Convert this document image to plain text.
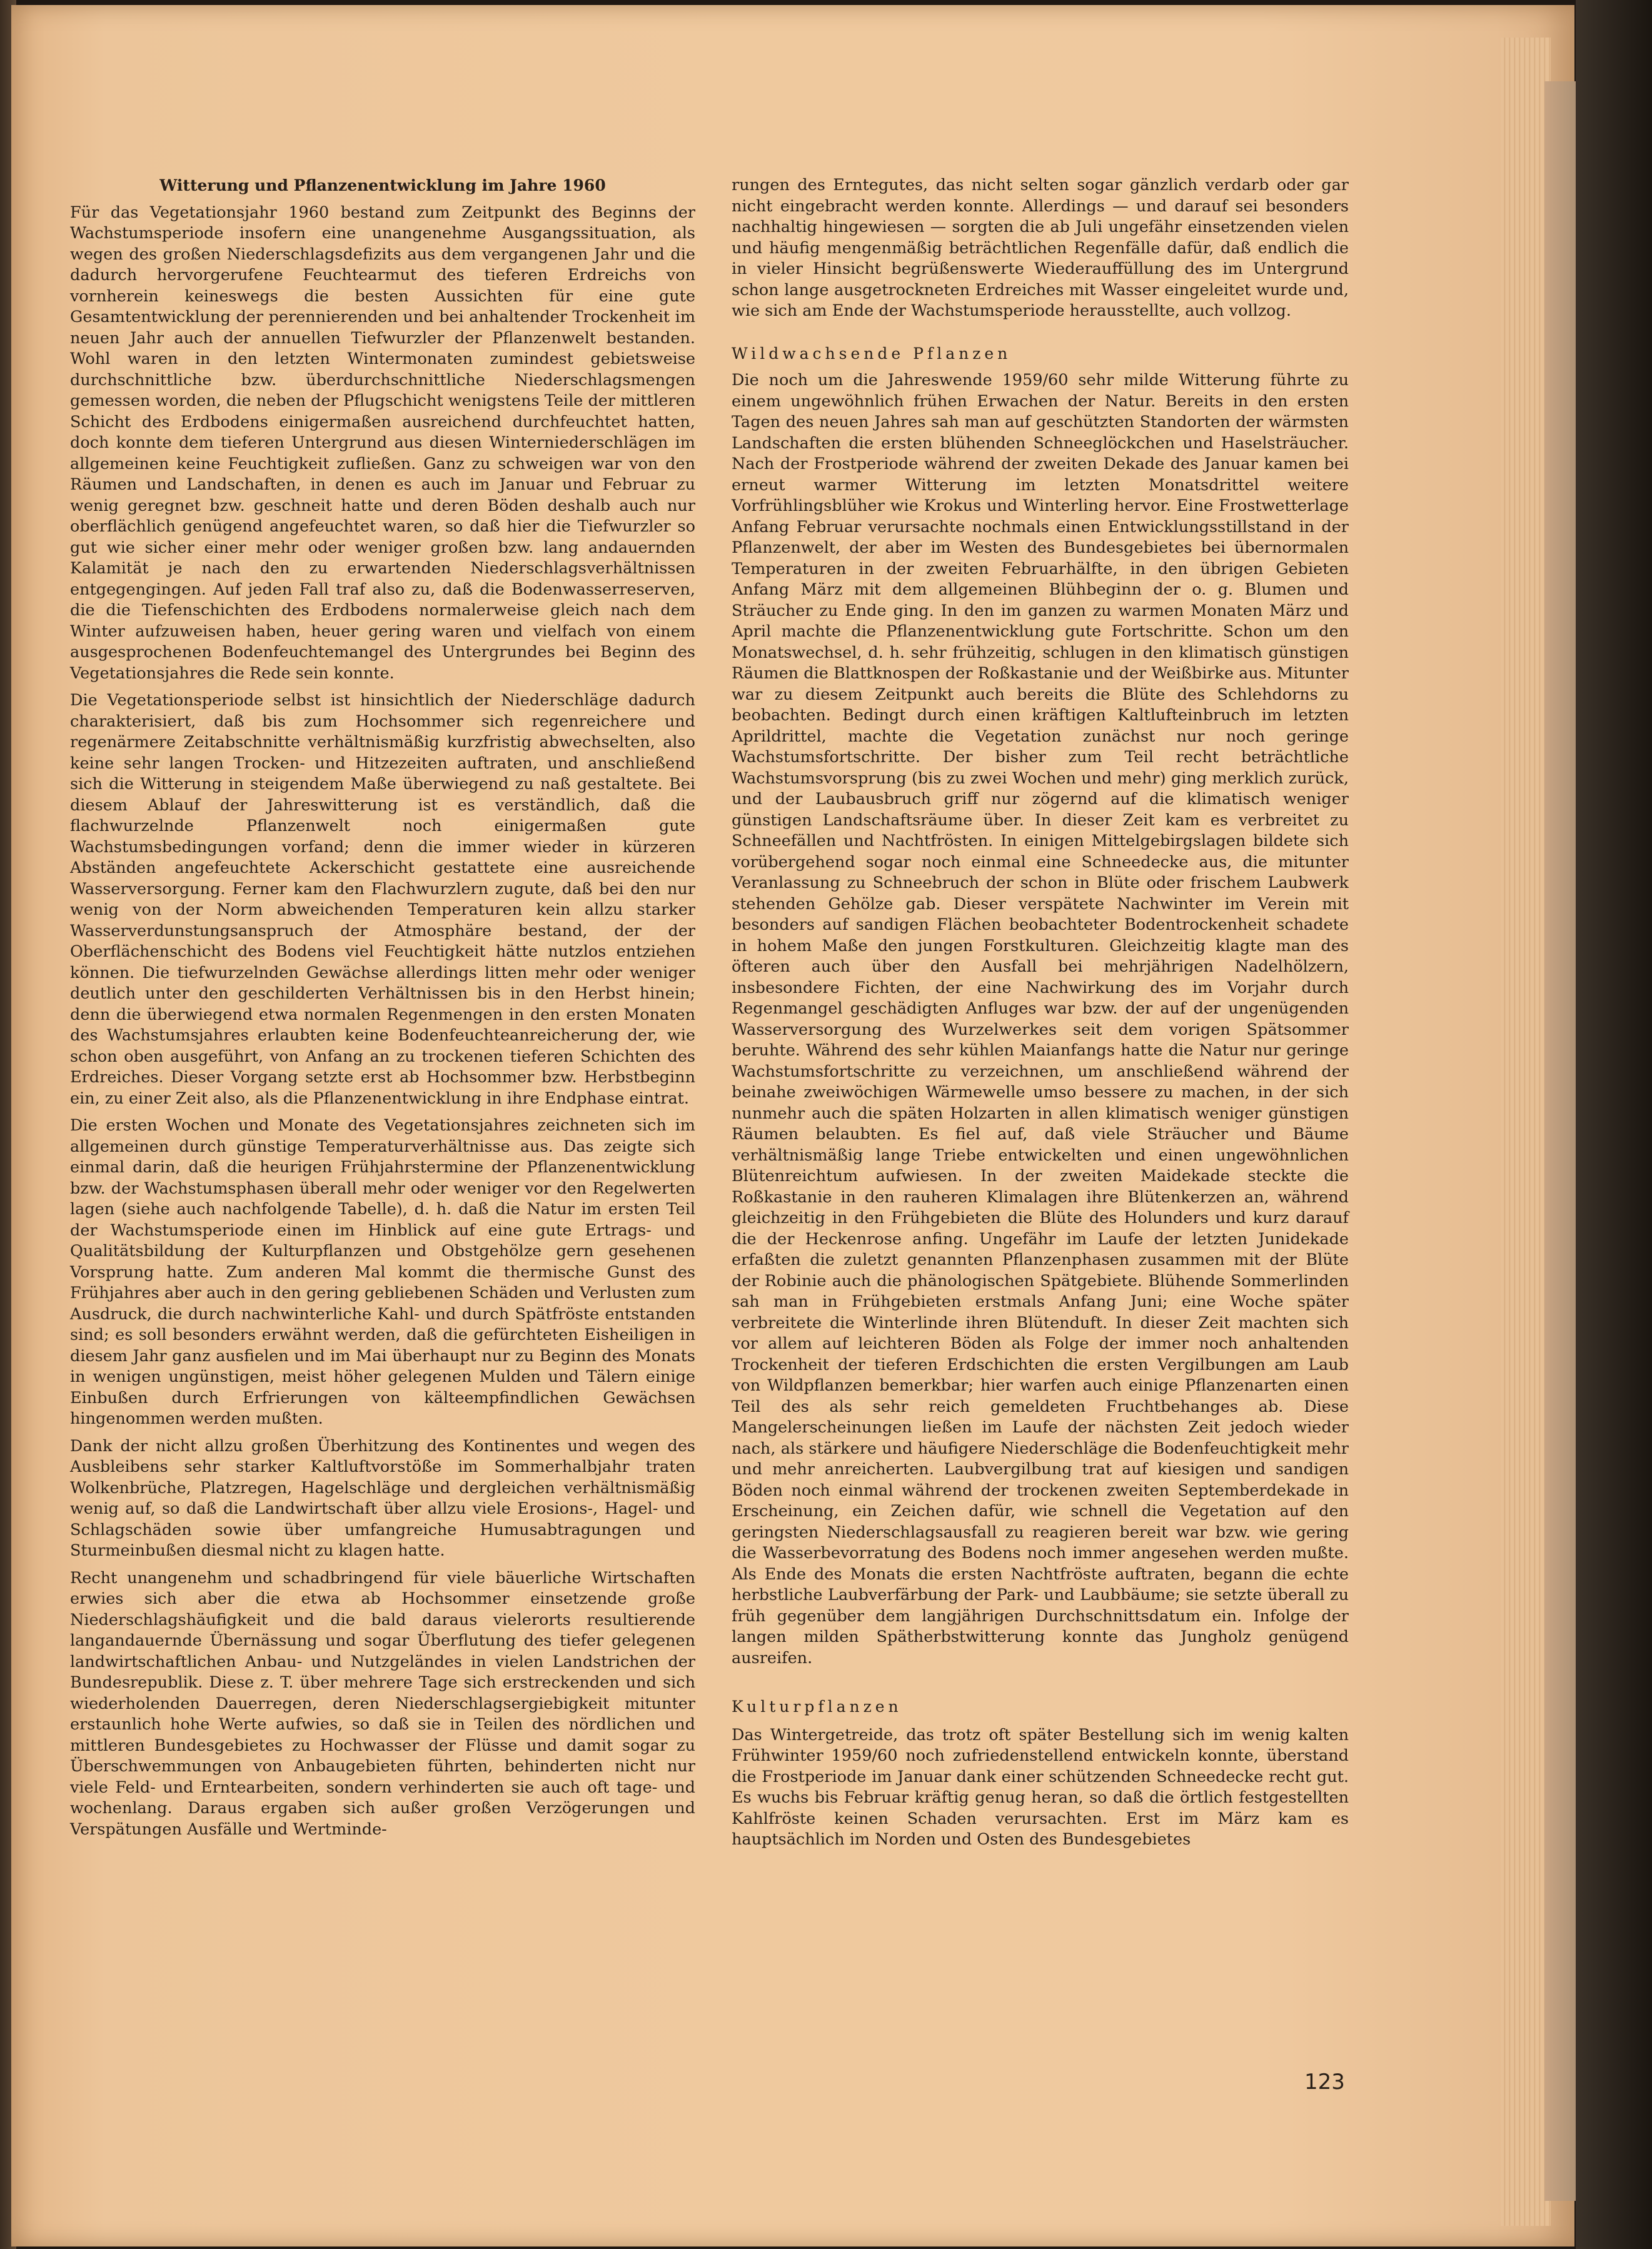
Witterung und Pflanzenentwicklung im Jahre 1960

Für das Vegetationsjahr 1960 bestand zum Zeitpunkt des Beginns der Wachstumsperiode insofern eine unangenehme Ausgangssituation, als wegen des großen Niederschlagsdefizits aus dem vergangenen Jahr und die dadurch hervorgerufene Feuchtearmut des tieferen Erdreichs von vornherein keineswegs die besten Aussichten für eine gute Gesamtentwicklung der perennierenden und bei anhaltender Trockenheit im neuen Jahr auch der annuellen Tiefwurzler der Pflanzenwelt bestanden. Wohl waren in den letzten Wintermonaten zumindest gebietsweise durchschnittliche bzw. überdurchschnittliche Niederschlagsmengen gemessen worden, die neben der Pflugschicht wenigstens Teile der mittleren Schicht des Erdbodens einigermaßen ausreichend durchfeuchtet hatten, doch konnte dem tieferen Untergrund aus diesen Winterniederschlägen im allgemeinen keine Feuchtigkeit zufließen. Ganz zu schweigen war von den Räumen und Landschaften, in denen es auch im Januar und Februar zu wenig geregnet bzw. geschneit hatte und deren Böden deshalb auch nur oberflächlich genügend angefeuchtet waren, so daß hier die Tiefwurzler so gut wie sicher einer mehr oder weniger großen bzw. lang andauernden Kalamität je nach den zu erwartenden Niederschlagsverhältnissen entgegengingen. Auf jeden Fall traf also zu, daß die Bodenwasserreserven, die die Tiefenschichten des Erdbodens normalerweise gleich nach dem Winter aufzuweisen haben, heuer gering waren und vielfach von einem ausgesprochenen Bodenfeuchtemangel des Untergrundes bei Beginn des Vegetationsjahres die Rede sein konnte.

Die Vegetationsperiode selbst ist hinsichtlich der Niederschläge dadurch charakterisiert, daß bis zum Hochsommer sich regenreichere und regenärmere Zeitabschnitte verhältnismäßig kurzfristig abwechselten, also keine sehr langen Trocken- und Hitzezeiten auftraten, und anschließend sich die Witterung in steigendem Maße überwiegend zu naß gestaltete. Bei diesem Ablauf der Jahreswitterung ist es verständlich, daß die flachwurzelnde Pflanzenwelt noch einigermaßen gute Wachstumsbedingungen vorfand; denn die immer wieder in kürzeren Abständen angefeuchtete Ackerschicht gestattete eine ausreichende Wasserversorgung. Ferner kam den Flachwurzlern zugute, daß bei den nur wenig von der Norm abweichenden Temperaturen kein allzu starker Wasserverdunstungsanspruch der Atmosphäre bestand, der der Oberflächenschicht des Bodens viel Feuchtigkeit hätte nutzlos entziehen können. Die tiefwurzelnden Gewächse allerdings litten mehr oder weniger deutlich unter den geschilderten Verhältnissen bis in den Herbst hinein; denn die überwiegend etwa normalen Regenmengen in den ersten Monaten des Wachstumsjahres erlaubten keine Bodenfeuchteanreicherung der, wie schon oben ausgeführt, von Anfang an zu trockenen tieferen Schichten des Erdreiches. Dieser Vorgang setzte erst ab Hochsommer bzw. Herbstbeginn ein, zu einer Zeit also, als die Pflanzenentwicklung in ihre Endphase eintrat.

Die ersten Wochen und Monate des Vegetationsjahres zeichneten sich im allgemeinen durch günstige Temperaturverhältnisse aus. Das zeigte sich einmal darin, daß die heurigen Frühjahrstermine der Pflanzenentwicklung bzw. der Wachstumsphasen überall mehr oder weniger vor den Regelwerten lagen (siehe auch nachfolgende Tabelle), d. h. daß die Natur im ersten Teil der Wachstumsperiode einen im Hinblick auf eine gute Ertrags- und Qualitätsbildung der Kulturpflanzen und Obstgehölze gern gesehenen Vorsprung hatte. Zum anderen Mal kommt die thermische Gunst des Frühjahres aber auch in den gering gebliebenen Schäden und Verlusten zum Ausdruck, die durch nachwinterliche Kahl- und durch Spätfröste entstanden sind; es soll besonders erwähnt werden, daß die gefürchteten Eisheiligen in diesem Jahr ganz ausfielen und im Mai überhaupt nur zu Beginn des Monats in wenigen ungünstigen, meist höher gelegenen Mulden und Tälern einige Einbußen durch Erfrierungen von kälteempfindlichen Gewächsen hingenommen werden mußten.

Dank der nicht allzu großen Überhitzung des Kontinentes und wegen des Ausbleibens sehr starker Kaltluftvorstöße im Sommerhalbjahr traten Wolkenbrüche, Platzregen, Hagelschläge und dergleichen verhältnismäßig wenig auf, so daß die Landwirtschaft über allzu viele Erosions-, Hagel- und Schlagschäden sowie über umfangreiche Humusabtragungen und Sturmeinbußen diesmal nicht zu klagen hatte.

Recht unangenehm und schadbringend für viele bäuerliche Wirtschaften erwies sich aber die etwa ab Hochsommer einsetzende große Niederschlagshäufigkeit und die bald daraus vielerorts resultierende langandauernde Übernässung und sogar Überflutung des tiefer gelegenen landwirtschaftlichen Anbau- und Nutzgeländes in vielen Landstrichen der Bundesrepublik. Diese z. T. über mehrere Tage sich erstreckenden und sich wiederholenden Dauerregen, deren Niederschlagsergiebigkeit mitunter erstaunlich hohe Werte aufwies, so daß sie in Teilen des nördlichen und mittleren Bundesgebietes zu Hochwasser der Flüsse und damit sogar zu Überschwemmungen von Anbaugebieten führten, behinderten nicht nur viele Feld- und Erntearbeiten, sondern verhinderten sie auch oft tage- und wochenlang. Daraus ergaben sich außer großen Verzögerungen und Verspätungen Ausfälle und Wertminde-

rungen des Erntegutes, das nicht selten sogar gänzlich verdarb oder gar nicht eingebracht werden konnte. Allerdings — und darauf sei besonders nachhaltig hingewiesen — sorgten die ab Juli ungefähr einsetzenden vielen und häufig mengenmäßig beträchtlichen Regenfälle dafür, daß endlich die in vieler Hinsicht begrüßenswerte Wiederauffüllung des im Untergrund schon lange ausgetrockneten Erdreiches mit Wasser eingeleitet wurde und, wie sich am Ende der Wachstumsperiode herausstellte, auch vollzog.

Wildwachsende Pflanzen

Die noch um die Jahreswende 1959/60 sehr milde Witterung führte zu einem ungewöhnlich frühen Erwachen der Natur. Bereits in den ersten Tagen des neuen Jahres sah man auf geschützten Standorten der wärmsten Landschaften die ersten blühenden Schneeglöckchen und Haselsträucher. Nach der Frostperiode während der zweiten Dekade des Januar kamen bei erneut warmer Witterung im letzten Monatsdrittel weitere Vorfrühlingsblüher wie Krokus und Winterling hervor. Eine Frostwetterlage Anfang Februar verursachte nochmals einen Entwicklungsstillstand in der Pflanzenwelt, der aber im Westen des Bundesgebietes bei übernormalen Temperaturen in der zweiten Februarhälfte, in den übrigen Gebieten Anfang März mit dem allgemeinen Blühbeginn der o. g. Blumen und Sträucher zu Ende ging. In den im ganzen zu warmen Monaten März und April machte die Pflanzenentwicklung gute Fortschritte. Schon um den Monatswechsel, d. h. sehr frühzeitig, schlugen in den klimatisch günstigen Räumen die Blattknospen der Roßkastanie und der Weißbirke aus. Mitunter war zu diesem Zeitpunkt auch bereits die Blüte des Schlehdorns zu beobachten. Bedingt durch einen kräftigen Kaltlufteinbruch im letzten Aprildrittel, machte die Vegetation zunächst nur noch geringe Wachstumsfortschritte. Der bisher zum Teil recht beträchtliche Wachstumsvorsprung (bis zu zwei Wochen und mehr) ging merklich zurück, und der Laubausbruch griff nur zögernd auf die klimatisch weniger günstigen Landschaftsräume über. In dieser Zeit kam es verbreitet zu Schneefällen und Nachtfrösten. In einigen Mittelgebirgslagen bildete sich vorübergehend sogar noch einmal eine Schneedecke aus, die mitunter Veranlassung zu Schneebruch der schon in Blüte oder frischem Laubwerk stehenden Gehölze gab. Dieser verspätete Nachwinter im Verein mit besonders auf sandigen Flächen beobachteter Bodentrockenheit schadete in hohem Maße den jungen Forstkulturen. Gleichzeitig klagte man des öfteren auch über den Ausfall bei mehrjährigen Nadelhölzern, insbesondere Fichten, der eine Nachwirkung des im Vorjahr durch Regenmangel geschädigten Anfluges war bzw. der auf der ungenügenden Wasserversorgung des Wurzelwerkes seit dem vorigen Spätsommer beruhte. Während des sehr kühlen Maianfangs hatte die Natur nur geringe Wachstumsfortschritte zu verzeichnen, um anschließend während der beinahe zweiwöchigen Wärmewelle umso bessere zu machen, in der sich nunmehr auch die späten Holzarten in allen klimatisch weniger günstigen Räumen belaubten. Es fiel auf, daß viele Sträucher und Bäume verhältnismäßig lange Triebe entwickelten und einen ungewöhnlichen Blütenreichtum aufwiesen. In der zweiten Maidekade steckte die Roßkastanie in den rauheren Klimalagen ihre Blütenkerzen an, während gleichzeitig in den Frühgebieten die Blüte des Holunders und kurz darauf die der Heckenrose anfing. Ungefähr im Laufe der letzten Junidekade erfaßten die zuletzt genannten Pflanzenphasen zusammen mit der Blüte der Robinie auch die phänologischen Spätgebiete. Blühende Sommerlinden sah man in Frühgebieten erstmals Anfang Juni; eine Woche später verbreitete die Winterlinde ihren Blütenduft. In dieser Zeit machten sich vor allem auf leichteren Böden als Folge der immer noch anhaltenden Trockenheit der tieferen Erdschichten die ersten Vergilbungen am Laub von Wildpflanzen bemerkbar; hier warfen auch einige Pflanzenarten einen Teil des als sehr reich gemeldeten Fruchtbehanges ab. Diese Mangelerscheinungen ließen im Laufe der nächsten Zeit jedoch wieder nach, als stärkere und häufigere Niederschläge die Bodenfeuchtigkeit mehr und mehr anreicherten. Laubvergilbung trat auf kiesigen und sandigen Böden noch einmal während der trockenen zweiten Septemberdekade in Erscheinung, ein Zeichen dafür, wie schnell die Vegetation auf den geringsten Niederschlagsausfall zu reagieren bereit war bzw. wie gering die Wasserbevorratung des Bodens noch immer angesehen werden mußte. Als Ende des Monats die ersten Nachtfröste auftraten, begann die echte herbstliche Laubverfärbung der Park- und Laubbäume; sie setzte überall zu früh gegenüber dem langjährigen Durchschnittsdatum ein. Infolge der langen milden Spätherbstwitterung konnte das Jungholz genügend ausreifen.

Kulturpflanzen

Das Wintergetreide, das trotz oft später Bestellung sich im wenig kalten Frühwinter 1959/60 noch zufriedenstellend entwickeln konnte, überstand die Frostperiode im Januar dank einer schützenden Schneedecke recht gut. Es wuchs bis Februar kräftig genug heran, so daß die örtlich festgestellten Kahlfröste keinen Schaden verursachten. Erst im März kam es hauptsächlich im Norden und Osten des Bundesgebietes

123
